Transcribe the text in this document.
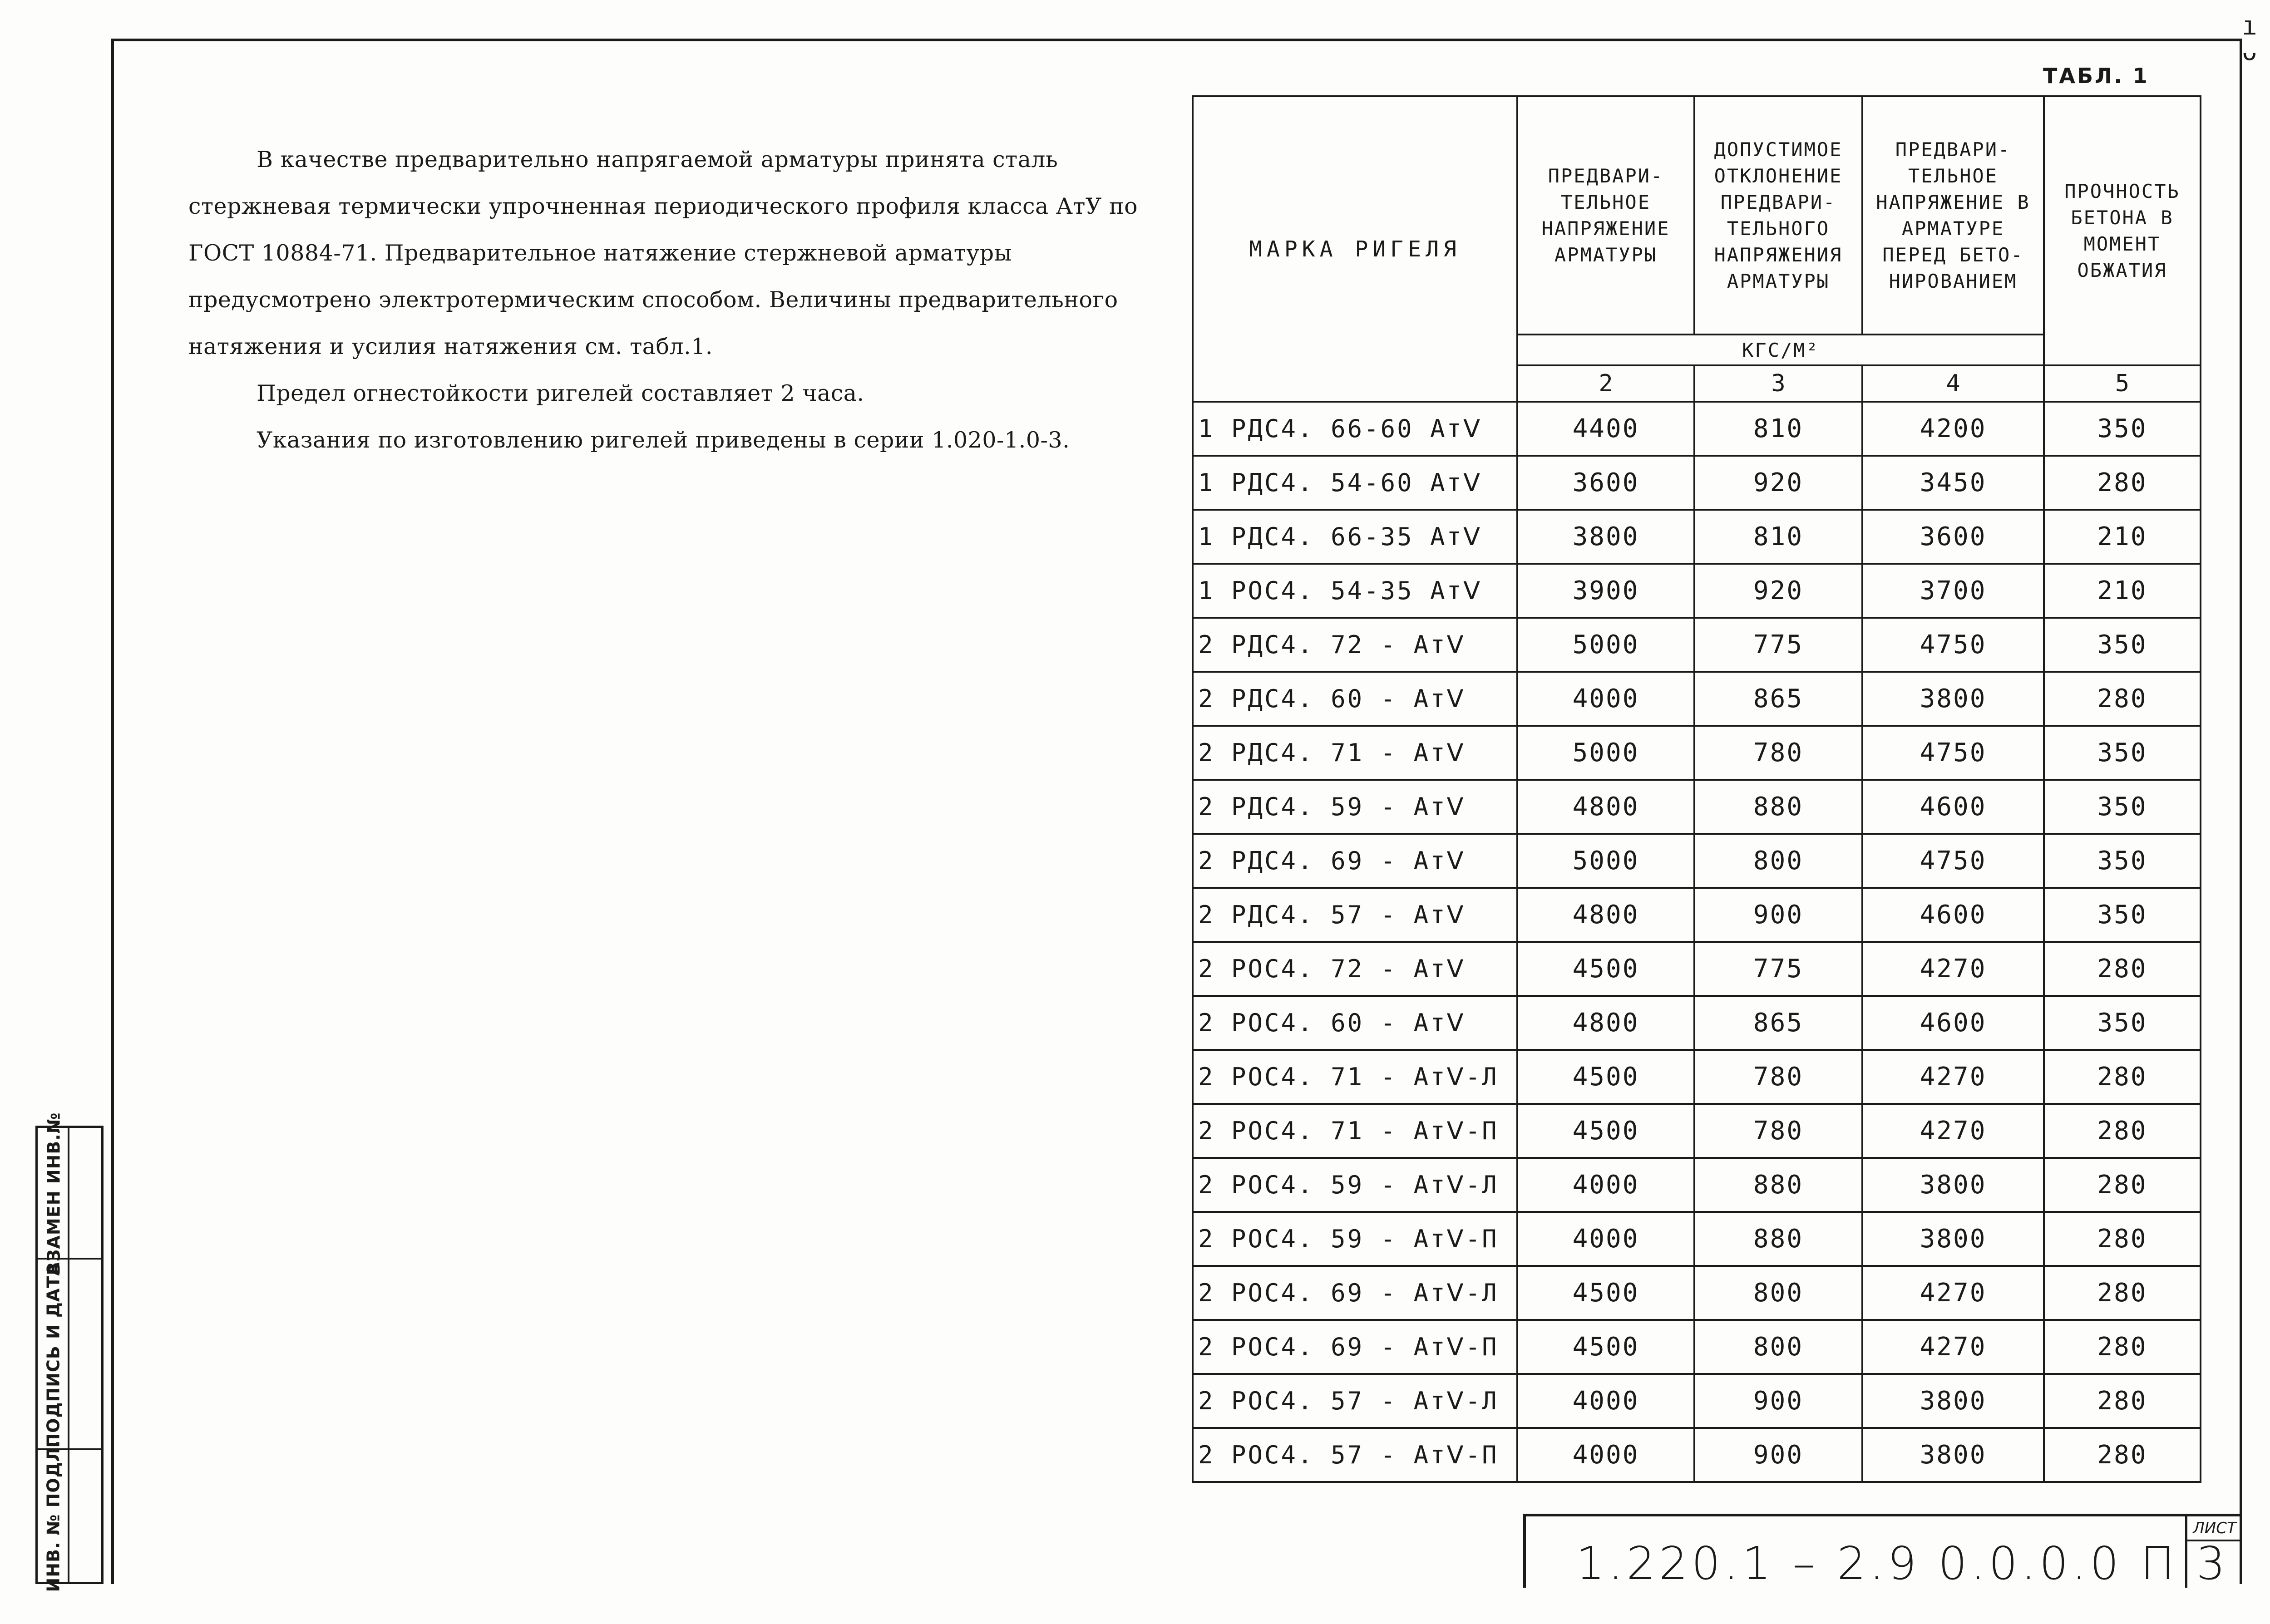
ı ᴗ

В качестве предварительно напрягаемой арматуры принята сталь стержневая термически упрочненная периодического профиля класса АтУ по ГОСТ 10884-71. Предварительное натяжение стержневой арматуры предусмотрено электротермическим способом. Величины предварительного натяжения и усилия натяжения см. табл.1.

Предел огнестойкости ригелей составляет 2 часа.

Указания по изготовлению ригелей приведены в серии 1.020-1.0-3.

ТАБЛ. 1
МАРКА РИГЕЛЯ	ПРЕДВАРИ-ТЕЛЬНОЕ НАПРЯЖЕНИЕ АРМАТУРЫ	ДОПУСТИМОЕ ОТКЛОНЕНИЕ ПРЕДВАРИ-ТЕЛЬНОГО НАПРЯЖЕНИЯ АРМАТУРЫ	ПРЕДВАРИ-ТЕЛЬНОЕ НАПРЯЖЕНИЕ В АРМАТУРЕ ПЕРЕД БЕТО-НИРОВАНИЕМ	ПРОЧНОСТЬ БЕТОНА В МОМЕНТ ОБЖАТИЯ
	КГС/М²			
	2	3	4	5
1 РДС4. 66-60 АтⅤ	4400	810	4200	350
1 РДС4. 54-60 АтⅤ	3600	920	3450	280
1 РДС4. 66-35 АтⅤ	3800	810	3600	210
1 РОС4. 54-35 АтⅤ	3900	920	3700	210
2 РДС4. 72 - АтⅤ	5000	775	4750	350
2 РДС4. 60 - АтⅤ	4000	865	3800	280
2 РДС4. 71 - АтⅤ	5000	780	4750	350
2 РДС4. 59 - АтⅤ	4800	880	4600	350
2 РДС4. 69 - АтⅤ	5000	800	4750	350
2 РДС4. 57 - АтⅤ	4800	900	4600	350
2 РОС4. 72 - АтⅤ	4500	775	4270	280
2 РОС4. 60 - АтⅤ	4800	865	4600	350
2 РОС4. 71 - АтⅤ-Л	4500	780	4270	280
2 РОС4. 71 - АтⅤ-П	4500	780	4270	280
2 РОС4. 59 - АтⅤ-Л	4000	880	3800	280
2 РОС4. 59 - АтⅤ-П	4000	880	3800	280
2 РОС4. 69 - АтⅤ-Л	4500	800	4270	280
2 РОС4. 69 - АтⅤ-П	4500	800	4270	280
2 РОС4. 57 - АтⅤ-Л	4000	900	3800	280
2 РОС4. 57 - АтⅤ-П	4000	900	3800	280
ВЗАМЕН ИНВ.№
ПОДПИСЬ И ДАТА
ИНВ. № ПОДЛ.	1.220.1 – 2.9 0.0.0.0 П 3
ЛИСТ
